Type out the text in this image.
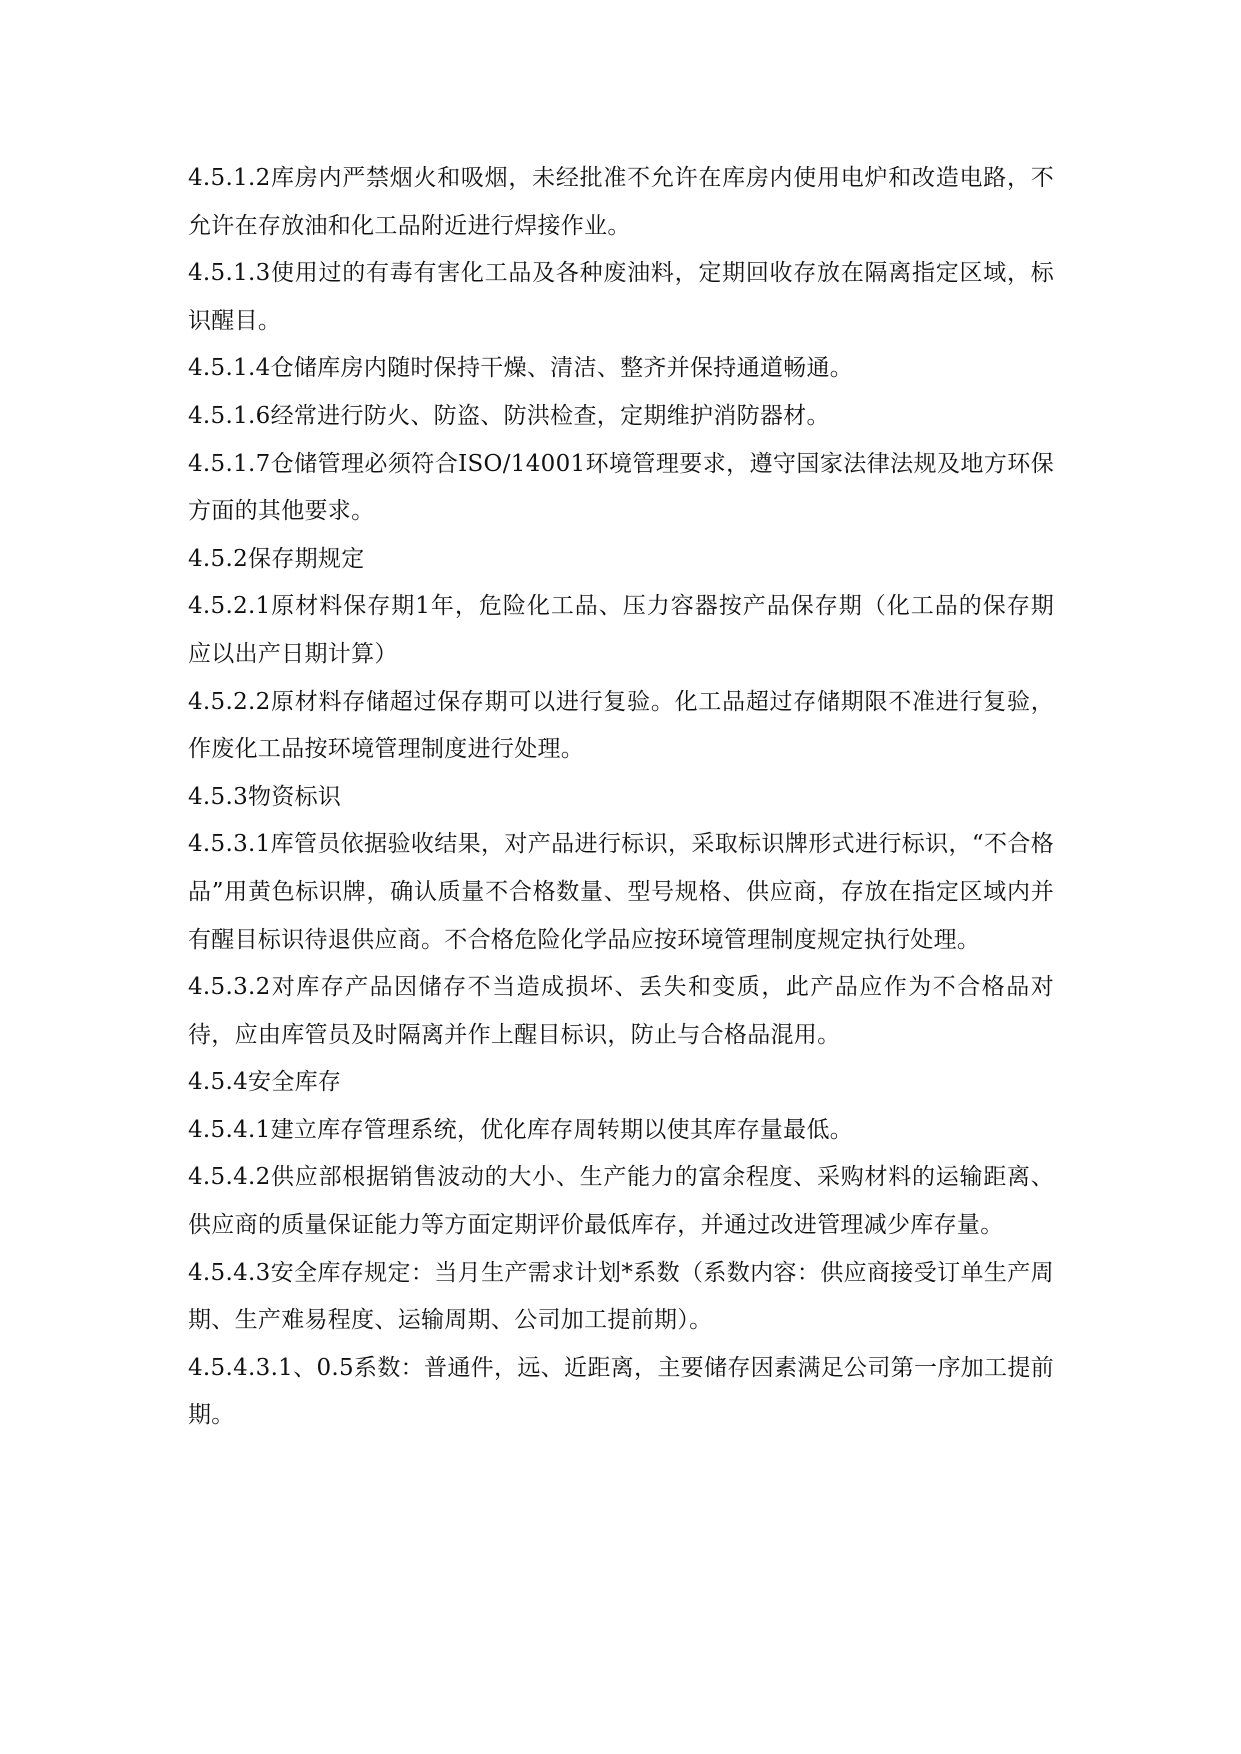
4.5.1.2库房内严禁烟火和吸烟，未经批准不允许在库房内使用电炉和改造电路，不允许在存放油和化工品附近进行焊接作业。

4.5.1.3使用过的有毒有害化工品及各种废油料，定期回收存放在隔离指定区域，标识醒目。

4.5.1.4仓储库房内随时保持干燥、清洁、整齐并保持通道畅通。

4.5.1.6经常进行防火、防盗、防洪检查，定期维护消防器材。

4.5.1.7仓储管理必须符合ISO/14001环境管理要求，遵守国家法律法规及地方环保方面的其他要求。

4.5.2保存期规定

4.5.2.1原材料保存期1年，危险化工品、压力容器按产品保存期（化工品的保存期应以出产日期计算）

4.5.2.2原材料存储超过保存期可以进行复验。化工品超过存储期限不准进行复验，作废化工品按环境管理制度进行处理。

4.5.3物资标识

4.5.3.1库管员依据验收结果，对产品进行标识，采取标识牌形式进行标识，“不合格品”用黄色标识牌，确认质量不合格数量、型号规格、供应商，存放在指定区域内并有醒目标识待退供应商。不合格危险化学品应按环境管理制度规定执行处理。

4.5.3.2对库存产品因储存不当造成损坏、丢失和变质，此产品应作为不合格品对待，应由库管员及时隔离并作上醒目标识，防止与合格品混用。

4.5.4安全库存

4.5.4.1建立库存管理系统，优化库存周转期以使其库存量最低。

4.5.4.2供应部根据销售波动的大小、生产能力的富余程度、采购材料的运输距离、供应商的质量保证能力等方面定期评价最低库存，并通过改进管理减少库存量。

4.5.4.3安全库存规定：当月生产需求计划*系数（系数内容：供应商接受订单生产周期、生产难易程度、运输周期、公司加工提前期）。

4.5.4.3.1、0.5系数：普通件，远、近距离，主要储存因素满足公司第一序加工提前期。
